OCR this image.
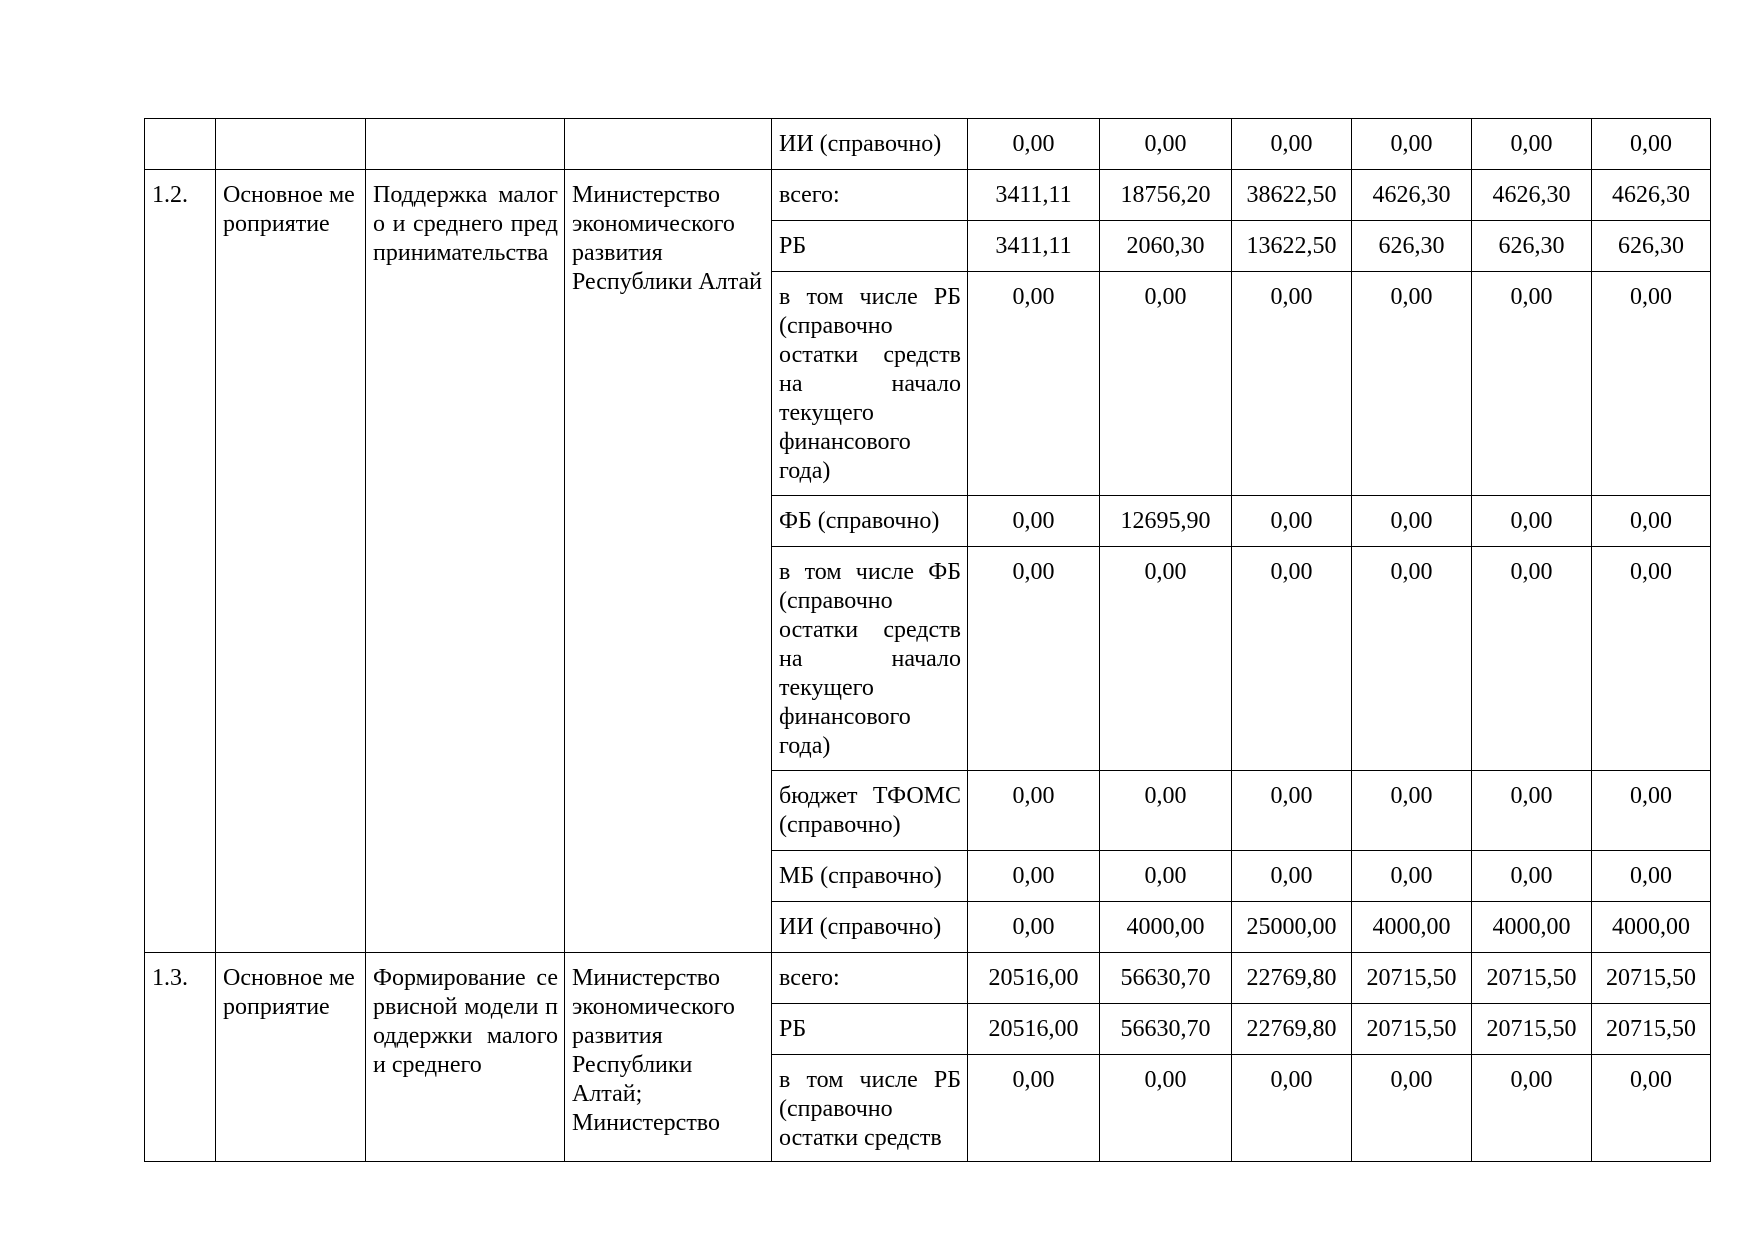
				ИИ (справочно)	0,00	0,00	0,00	0,00	0,00	0,00
1.2.	Основное мероприятие	Поддержка малого и среднего предпринимательства	Министерство экономического развития Республики Алтай	всего:	3411,11	18756,20	38622,50	4626,30	4626,30	4626,30
				РБ	3411,11	2060,30	13622,50	626,30	626,30	626,30
				в том числе РБ (справочно остатки средств на начало текущего финансового года)	0,00	0,00	0,00	0,00	0,00	0,00
				ФБ (справочно)	0,00	12695,90	0,00	0,00	0,00	0,00
				в том числе ФБ (справочно остатки средств на начало текущего финансового года)	0,00	0,00	0,00	0,00	0,00	0,00
				бюджет ТФОМС (справочно)	0,00	0,00	0,00	0,00	0,00	0,00
				МБ (справочно)	0,00	0,00	0,00	0,00	0,00	0,00
				ИИ (справочно)	0,00	4000,00	25000,00	4000,00	4000,00	4000,00
1.3.	Основное мероприятие	Формирование сервисной модели поддержки малого и среднего	Министерство экономического развития Республики Алтай; Министерство	всего:	20516,00	56630,70	22769,80	20715,50	20715,50	20715,50
				РБ	20516,00	56630,70	22769,80	20715,50	20715,50	20715,50
				в том числе РБ (справочно остатки средств	0,00	0,00	0,00	0,00	0,00	0,00
